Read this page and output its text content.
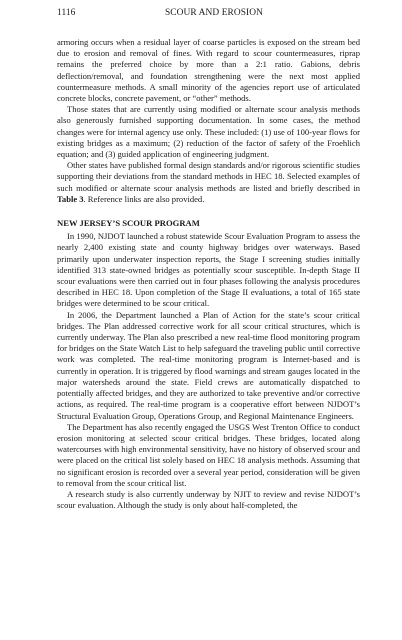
1116	SCOUR AND EROSION

armoring occurs when a residual layer of coarse particles is exposed on the stream bed due to erosion and removal of fines. With regard to scour countermeasures, riprap remains the preferred choice by more than a 2:1 ratio. Gabions, debris deflection/removal, and foundation strengthening were the next most applied countermeasure methods. A small minority of the agencies report use of articulated concrete blocks, concrete pavement, or “other” methods.

Those states that are currently using modified or alternate scour analysis methods also generously furnished supporting documentation. In some cases, the method changes were for internal agency use only. These included: (1) use of 100-year flows for existing bridges as a maximum; (2) reduction of the factor of safety of the Froehlich equation; and (3) guided application of engineering judgment.

Other states have published formal design standards and/or rigorous scientific studies supporting their deviations from the standard methods in HEC 18. Selected examples of such modified or alternate scour analysis methods are listed and briefly described in Table 3. Reference links are also provided.

NEW JERSEY’S SCOUR PROGRAM

In 1990, NJDOT launched a robust statewide Scour Evaluation Program to assess the nearly 2,400 existing state and county highway bridges over waterways. Based primarily upon underwater inspection reports, the Stage I screening studies initially identified 313 state-owned bridges as potentially scour susceptible. In-depth Stage II scour evaluations were then carried out in four phases following the analysis procedures described in HEC 18. Upon completion of the Stage II evaluations, a total of 165 state bridges were determined to be scour critical.

In 2006, the Department launched a Plan of Action for the state’s scour critical bridges. The Plan addressed corrective work for all scour critical structures, which is currently underway. The Plan also prescribed a new real-time flood monitoring program for bridges on the State Watch List to help safeguard the traveling public until corrective work was completed. The real-time monitoring program is Internet-based and is currently in operation. It is triggered by flood warnings and stream gauges located in the major watersheds around the state. Field crews are automatically dispatched to potentially affected bridges, and they are authorized to take preventive and/or corrective actions, as required. The real-time program is a cooperative effort between NJDOT’s Structural Evaluation Group, Operations Group, and Regional Maintenance Engineers.

The Department has also recently engaged the USGS West Trenton Office to conduct erosion monitoring at selected scour critical bridges. These bridges, located along watercourses with high environmental sensitivity, have no history of observed scour and were placed on the critical list solely based on HEC 18 analysis methods. Assuming that no significant erosion is recorded over a several year period, consideration will be given to removal from the scour critical list.

A research study is also currently underway by NJIT to review and revise NJDOT’s scour evaluation. Although the study is only about half-completed, the
